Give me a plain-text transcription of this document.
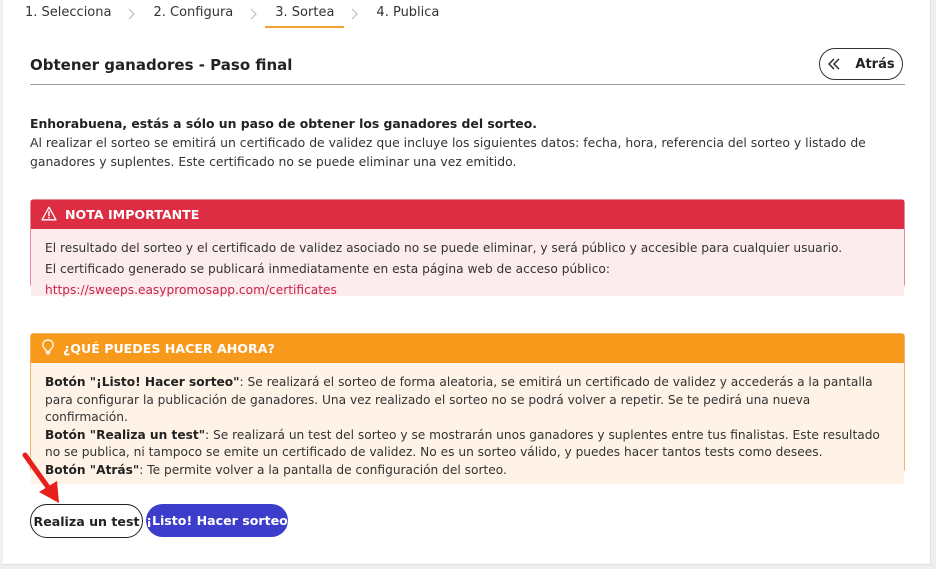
1. Selecciona	2. Configura	3. Sortea	4. Publica
Obtener ganadores - Paso final	Atrás
Enhorabuena, estás a sólo un paso de obtener los ganadores del sorteo.
Al realizar el sorteo se emitirá un certificado de validez que incluye los siguientes datos: fecha, hora, referencia del sorteo y listado de ganadores y suplentes. Este certificado no se puede eliminar una vez emitido.
NOTA IMPORTANTE
El resultado del sorteo y el certificado de validez asociado no se puede eliminar, y será público y accesible para cualquier usuario.
El certificado generado se publicará inmediatamente en esta página web de acceso público: https://sweeps.easypromosapp.com/certificates
¿QUÉ PUEDES HACER AHORA?
Botón "¡Listo! Hacer sorteo": Se realizará el sorteo de forma aleatoria, se emitirá un certificado de validez y accederás a la pantalla para configurar la publicación de ganadores. Una vez realizado el sorteo no se podrá volver a repetir. Se te pedirá una nueva confirmación.
Botón "Realiza un test": Se realizará un test del sorteo y se mostrarán unos ganadores y suplentes entre tus finalistas. Este resultado no se publica, ni tampoco se emite un certificado de validez. No es un sorteo válido, y puedes hacer tantos tests como desees.
Botón "Atrás": Te permite volver a la pantalla de configuración del sorteo.
Realiza un test ¡Listo! Hacer sorteo
